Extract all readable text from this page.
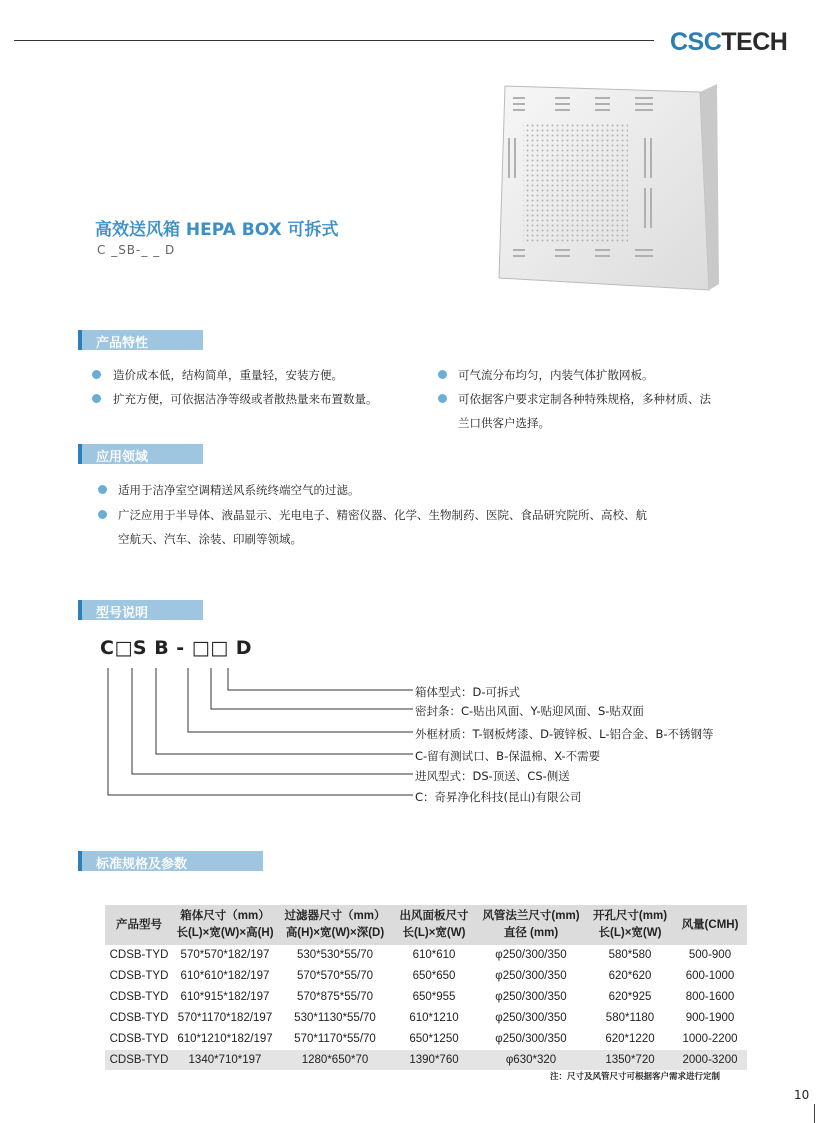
CSCTECH
高效送风箱 HEPA BOX 可拆式
C _SB-_ _ D
产品特性
造价成本低，结构简单，重量轻，安装方便。	可气流分布均匀，内装气体扩散网板。
扩充方便，可依据洁净等级或者散热量来布置数量。	可依据客户要求定制各种特殊规格，多种材质、法
兰口供客户选择。
应用领域
适用于洁净室空调精送风系统终端空气的过滤。
广泛应用于半导体、液晶显示、光电电子、精密仪器、化学、生物制药、医院、食品研究院所、高校、航
空航天、汽车、涂装、印刷等领域。
型号说明
C□S B - □□ D
箱体型式：D-可拆式
密封条：C-贴出风面、Y-贴迎风面、S-贴双面
外框材质：T-钢板烤漆、D-镀锌板、L-铝合金、B-不锈钢等
C-留有测试口、B-保温棉、X-不需要
进风型式：DS-顶送、CS-侧送
C：奇昇净化科技(昆山)有限公司
标准规格及参数
产品型号	箱体尺寸（mm）	过滤器尺寸（mm）	出风面板尺寸	风管法兰尺寸(mm)	开孔尺寸(mm)	风量(CMH)
	长(L)×宽(W)×高(H)	高(H)×宽(W)×深(D)	长(L)×宽(W)	直径 (mm)	长(L)×宽(W)	
CDSB-TYD	570*570*182/197	530*530*55/70	610*610	φ250/300/350	580*580	500-900
CDSB-TYD	610*610*182/197	570*570*55/70	650*650	φ250/300/350	620*620	600-1000
CDSB-TYD	610*915*182/197	570*875*55/70	650*955	φ250/300/350	620*925	800-1600
CDSB-TYD	570*1170*182/197	530*1130*55/70	610*1210	φ250/300/350	580*1180	900-1900
CDSB-TYD	610*1210*182/197	570*1170*55/70	650*1250	φ250/300/350	620*1220	1000-2200
CDSB-TYD	1340*710*197	1280*650*70	1390*760	φ630*320	1350*720	2000-3200
注：尺寸及风管尺寸可根据客户需求进行定制
10
